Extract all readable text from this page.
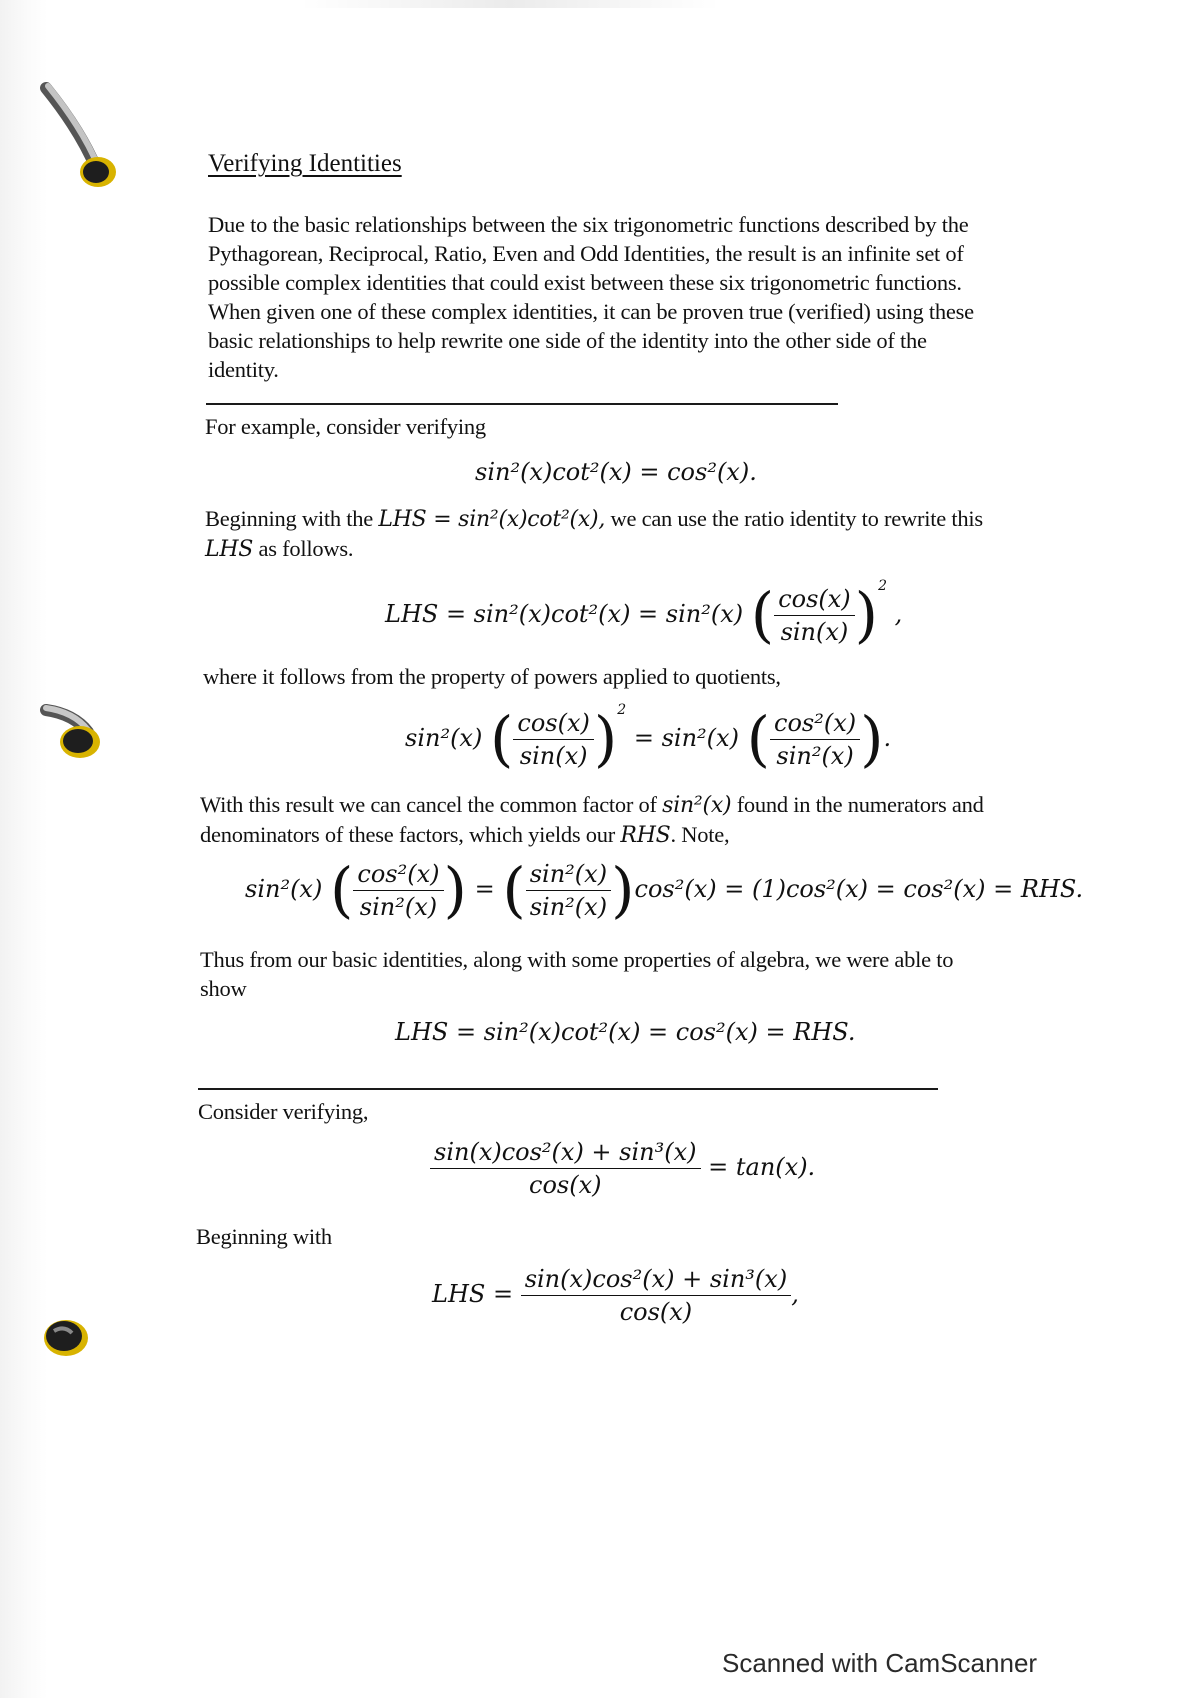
Verifying Identities
Due to the basic relationships between the six trigonometric functions described by the Pythagorean, Reciprocal, Ratio, Even and Odd Identities, the result is an infinite set of possible complex identities that could exist between these six trigonometric functions. When given one of these complex identities, it can be proven true (verified) using these basic relationships to help rewrite one side of the identity into the other side of the identity.
For example, consider verifying
sin²(x)cot²(x) = cos²(x).
Beginning with the LHS = sin²(x)cot²(x), we can use the ratio identity to rewrite this
LHS as follows.
LHS = sin²(x)cot²(x) = sin²(x) ( $\frac{\cos(x)}{\sin(x)} )^2$ ,
where it follows from the property of powers applied to quotients,
sin²(x) ( $\frac{\cos(x)}{\sin(x)} )^2 = \sin^2(x)$ ( $\frac{\text{cos²(x)}}{\text{sin²(x)}}$ ).
With this result we can cancel the common factor of sin²(x) found in the numerators and
denominators of these factors, which yields our RHS. Note,
sin²(x) ( $\frac{\text{cos²(x)}}{\text{sin²(x)}}$ ) = ( $\frac{\text{sin²(x)}}{\text{sin²(x)}} )\cos^2(x) = (1)\cos^2(x) = \cos^2(x)$ = RHS.
Thus from our basic identities, along with some properties of algebra, we were able to show
LHS = sin²(x)cot²(x) = cos²(x) = RHS.
Consider verifying,
$\frac{\text{sin(x)cos²(x) + sin³(x)}}{\cos(x)} = \tan(x)$.
Beginning with
LHS = $\frac{\text{sin(x)cos²(x) + sin³(x)}}{\cos(x)}$ ,
Scanned with CamScanner
